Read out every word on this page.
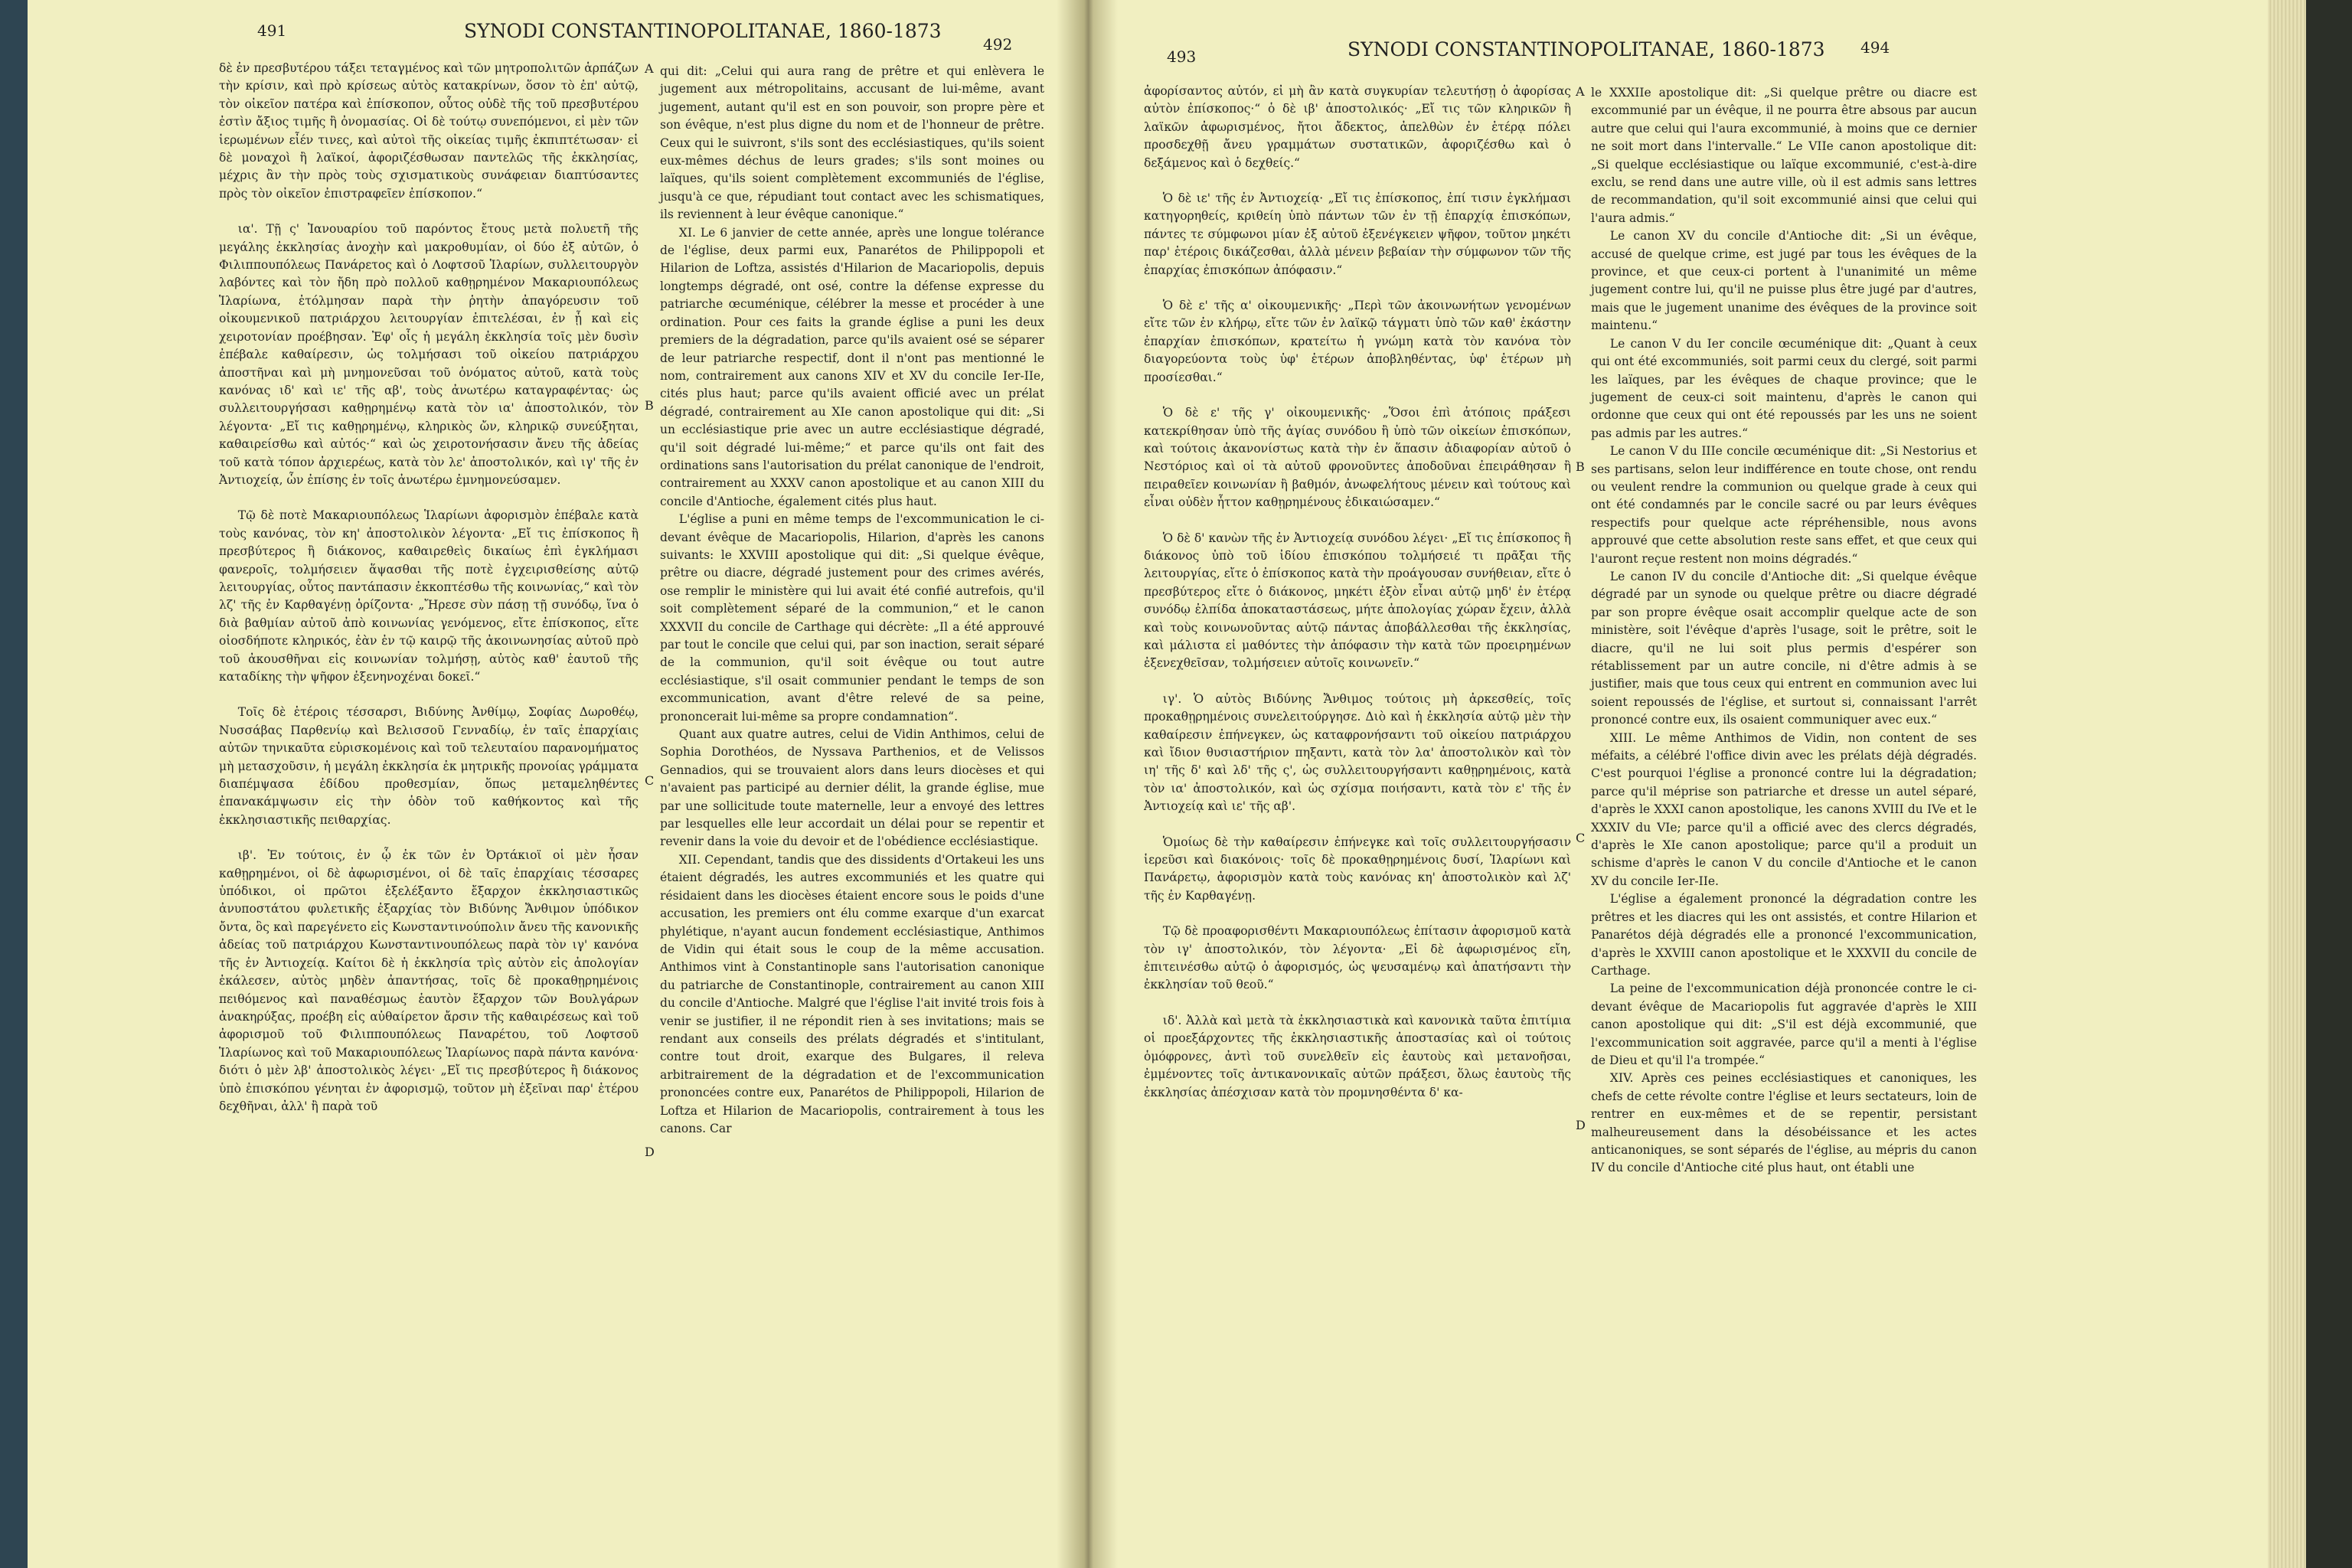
491	SYNODI CONSTANTINOPOLITANAE, 1860-1873
492

δὲ ἐν πρεσβυτέρου τάξει τεταγμένος καὶ τῶν μητροπολιτῶν ἁρπάζων τὴν κρίσιν, καὶ πρὸ κρίσεως αὐτὸς κατακρίνων, ὅσον τὸ ἐπ' αὐτῷ, τὸν οἰκεῖον πατέρα καὶ ἐπίσκοπον, οὗτος οὐδὲ τῆς τοῦ πρεσβυτέρου ἐστὶν ἄξιος τιμῆς ἢ ὀνομασίας. Οἱ δὲ τούτῳ συνεπόμενοι, εἰ μὲν τῶν ἱερωμένων εἶέν τινες, καὶ αὐτοὶ τῆς οἰκείας τιμῆς ἐκπιπτέτωσαν· εἰ δὲ μοναχοὶ ἢ λαϊκοί, ἀφοριζέσθωσαν παντελῶς τῆς ἐκκλησίας, μέχρις ἂν τὴν πρὸς τοὺς σχισματικοὺς συνάφειαν διαπτύσαντες πρὸς τὸν οἰκεῖον ἐπιστραφεῖεν ἐπίσκοπον.“

ια'. Τῇ ς' Ἰανουαρίου τοῦ παρόντος ἔτους μετὰ πολυετῆ τῆς μεγάλης ἐκκλησίας ἀνοχὴν καὶ μακροθυμίαν, οἱ δύο ἐξ αὐτῶν, ὁ Φιλιππουπόλεως Πανάρετος καὶ ὁ Λοφτσοῦ Ἱλαρίων, συλλειτουργὸν λαβόντες καὶ τὸν ἤδη πρὸ πολλοῦ καθῃρημένον Μακαριουπόλεως Ἱλαρίωνα, ἐτόλμησαν παρὰ τὴν ῥητὴν ἀπαγόρευσιν τοῦ οἰκουμενικοῦ πατριάρχου λειτουργίαν ἐπιτελέσαι, ἐν ᾗ καὶ εἰς χειροτονίαν προέβησαν. Ἐφ' οἷς ἡ μεγάλη ἐκκλησία τοῖς μὲν δυσὶν ἐπέβαλε καθαίρεσιν, ὡς τολμήσασι τοῦ οἰκείου πατριάρχου ἀποστῆναι καὶ μὴ μνημονεῦσαι τοῦ ὀνόματος αὐτοῦ, κατὰ τοὺς κανόνας ιδ' καὶ ιε' τῆς αβ', τοὺς ἀνωτέρω καταγραφέντας· ὡς συλλειτουργήσασι καθῃρημένῳ κατὰ τὸν ια' ἀποστολικόν, τὸν λέγοντα· „Εἴ τις καθῃρημένῳ, κληρικὸς ὤν, κληρικῷ συνεύξηται, καθαιρείσθω καὶ αὐτός·“ καὶ ὡς χειροτονήσασιν ἄνευ τῆς ἀδείας τοῦ κατὰ τόπον ἀρχιερέως, κατὰ τὸν λε' ἀποστολικόν, καὶ ιγ' τῆς ἐν Ἀντιοχείᾳ, ὧν ἐπίσης ἐν τοῖς ἀνωτέρω ἐμνημονεύσαμεν.

Τῷ δὲ ποτὲ Μακαριουπόλεως Ἱλαρίωνι ἀφορισμὸν ἐπέβαλε κατὰ τοὺς κανόνας, τὸν κη' ἀποστολικὸν λέγοντα· „Εἴ τις ἐπίσκοπος ἢ πρεσβύτερος ἢ διάκονος, καθαιρεθεὶς δικαίως ἐπὶ ἐγκλήμασι φανεροῖς, τολμήσειεν ἅψασθαι τῆς ποτὲ ἐγχειρισθείσης αὐτῷ λειτουργίας, οὗτος παντάπασιν ἐκκοπτέσθω τῆς κοινωνίας,“ καὶ τὸν λζ' τῆς ἐν Καρθαγένῃ ὁρίζοντα· „Ἤρεσε σὺν πάσῃ τῇ συνόδῳ, ἵνα ὁ διὰ βαθμίαν αὐτοῦ ἀπὸ κοινωνίας γενόμενος, εἴτε ἐπίσκοπος, εἴτε οἱοσδήποτε κληρικός, ἐὰν ἐν τῷ καιρῷ τῆς ἀκοινωνησίας αὐτοῦ πρὸ τοῦ ἀκουσθῆναι εἰς κοινωνίαν τολμήσῃ, αὐτὸς καθ' ἑαυτοῦ τῆς καταδίκης τὴν ψῆφον ἐξενηνοχέναι δοκεῖ.“

Τοῖς δὲ ἑτέροις τέσσαρσι, Βιδύνης Ἀνθίμῳ, Σοφίας Δωροθέῳ, Νυσσάβας Παρθενίῳ καὶ Βελισσοῦ Γενναδίῳ, ἐν ταῖς ἐπαρχίαις αὐτῶν τηνικαῦτα εὑρισκομένοις καὶ τοῦ τελευταίου παρανομήματος μὴ μετασχοῦσιν, ἡ μεγάλη ἐκκλησία ἐκ μητρικῆς προνοίας γράμματα διαπέμψασα ἐδίδου προθεσμίαν, ὅπως μεταμεληθέντες ἐπανακάμψωσιν εἰς τὴν ὁδὸν τοῦ καθήκοντος καὶ τῆς ἐκκλησιαστικῆς πειθαρχίας.

ιβ'. Ἐν τούτοις, ἐν ᾧ ἐκ τῶν ἐν Ὀρτάκιοϊ οἱ μὲν ἦσαν καθῃρημένοι, οἱ δὲ ἀφωρισμένοι, οἱ δὲ ταῖς ἐπαρχίαις τέσσαρες ὑπόδικοι, οἱ πρῶτοι ἐξελέξαντο ἔξαρχον ἐκκλησιαστικῶς ἀνυποστάτου φυλετικῆς ἐξαρχίας τὸν Βιδύνης Ἄνθιμον ὑπόδικον ὄντα, ὃς καὶ παρεγένετο εἰς Κωνσταντινούπολιν ἄνευ τῆς κανονικῆς ἀδείας τοῦ πατριάρχου Κωνσταντινουπόλεως παρὰ τὸν ιγ' κανόνα τῆς ἐν Ἀντιοχείᾳ. Καίτοι δὲ ἡ ἐκκλησία τρὶς αὐτὸν εἰς ἀπολογίαν ἐκάλεσεν, αὐτὸς μηδὲν ἀπαντήσας, τοῖς δὲ προκαθῃρημένοις πειθόμενος καὶ παναθέσμως ἑαυτὸν ἔξαρχον τῶν Βουλγάρων ἀνακηρύξας, προέβη εἰς αὐθαίρετον ἄρσιν τῆς καθαιρέσεως καὶ τοῦ ἀφορισμοῦ τοῦ Φιλιππουπόλεως Παναρέτου, τοῦ Λοφτσοῦ Ἱλαρίωνος καὶ τοῦ Μακαριουπόλεως Ἱλαρίωνος παρὰ πάντα κανόνα· διότι ὁ μὲν λβ' ἀποστολικὸς λέγει· „Εἴ τις πρεσβύτερος ἢ διάκονος ὑπὸ ἐπισκόπου γένηται ἐν ἀφορισμῷ, τοῦτον μὴ ἐξεῖναι παρ' ἑτέρου δεχθῆναι, ἀλλ' ἢ παρὰ τοῦ

A
B
C
D

qui dit: „Celui qui aura rang de prêtre et qui enlèvera le jugement aux métropolitains, accusant de lui-même, avant jugement, autant qu'il est en son pouvoir, son propre père et son évêque, n'est plus digne du nom et de l'honneur de prêtre. Ceux qui le suivront, s'ils sont des ecclésiastiques, qu'ils soient eux-mêmes déchus de leurs grades; s'ils sont moines ou laïques, qu'ils soient complètement excommuniés de l'église, jusqu'à ce que, répudiant tout contact avec les schismatiques, ils reviennent à leur évêque canonique.“

XI. Le 6 janvier de cette année, après une longue tolérance de l'église, deux parmi eux, Panarétos de Philippopoli et Hilarion de Loftza, assistés d'Hilarion de Macariopolis, depuis longtemps dégradé, ont osé, contre la défense expresse du patriarche œcuménique, célébrer la messe et procéder à une ordination. Pour ces faits la grande église a puni les deux premiers de la dégradation, parce qu'ils avaient osé se séparer de leur patriarche respectif, dont il n'ont pas mentionné le nom, contrairement aux canons XIV et XV du concile Ier-IIe, cités plus haut; parce qu'ils avaient officié avec un prélat dégradé, contrairement au XIe canon apostolique qui dit: „Si un ecclésiastique prie avec un autre ecclésiastique dégradé, qu'il soit dégradé lui-même;“ et parce qu'ils ont fait des ordinations sans l'autorisation du prélat canonique de l'endroit, contrairement au XXXV canon apostolique et au canon XIII du concile d'Antioche, également cités plus haut.

L'église a puni en même temps de l'excommunication le ci-devant évêque de Macariopolis, Hilarion, d'après les canons suivants: le XXVIII apostolique qui dit: „Si quelque évêque, prêtre ou diacre, dégradé justement pour des crimes avérés, ose remplir le ministère qui lui avait été confié autrefois, qu'il soit complètement séparé de la communion,“ et le canon XXXVII du concile de Carthage qui décrète: „Il a été approuvé par tout le concile que celui qui, par son inaction, serait séparé de la communion, qu'il soit évêque ou tout autre ecclésiastique, s'il osait communier pendant le temps de son excommunication, avant d'être relevé de sa peine, prononcerait lui-même sa propre condamnation“.

Quant aux quatre autres, celui de Vidin Anthimos, celui de Sophia Dorothéos, de Nyssava Parthenios, et de Velissos Gennadios, qui se trouvaient alors dans leurs diocèses et qui n'avaient pas participé au dernier délit, la grande église, mue par une sollicitude toute maternelle, leur a envoyé des lettres par lesquelles elle leur accordait un délai pour se repentir et revenir dans la voie du devoir et de l'obédience ecclésiastique.

XII. Cependant, tandis que des dissidents d'Ortakeui les uns étaient dégradés, les autres excommuniés et les quatre qui résidaient dans les diocèses étaient encore sous le poids d'une accusation, les premiers ont élu comme exarque d'un exarcat phylétique, n'ayant aucun fondement ecclésiastique, Anthimos de Vidin qui était sous le coup de la même accusation. Anthimos vint à Constantinople sans l'autorisation canonique du patriarche de Constantinople, contrairement au canon XIII du concile d'Antioche. Malgré que l'église l'ait invité trois fois à venir se justifier, il ne répondit rien à ses invitations; mais se rendant aux conseils des prélats dégradés et s'intitulant, contre tout droit, exarque des Bulgares, il releva arbitrairement de la dégradation et de l'excommunication prononcées contre eux, Panarétos de Philippopoli, Hilarion de Loftza et Hilarion de Macariopolis, contrairement à tous les canons. Car

493	SYNODI CONSTANTINOPOLITANAE, 1860-1873 494

ἀφορίσαντος αὐτόν, εἰ μὴ ἂν κατὰ συγκυρίαν τελευτήσῃ ὁ ἀφορίσας αὐτὸν ἐπίσκοπος·“ ὁ δὲ ιβ' ἀποστολικός· „Εἴ τις τῶν κληρικῶν ἢ λαϊκῶν ἀφωρισμένος, ἤτοι ἄδεκτος, ἀπελθὼν ἐν ἑτέρᾳ πόλει προσδεχθῇ ἄνευ γραμμάτων συστατικῶν, ἀφοριζέσθω καὶ ὁ δεξάμενος καὶ ὁ δεχθείς.“

Ὁ δὲ ιε' τῆς ἐν Ἀντιοχείᾳ· „Εἴ τις ἐπίσκοπος, ἐπί τισιν ἐγκλήμασι κατηγορηθείς, κριθείη ὑπὸ πάντων τῶν ἐν τῇ ἐπαρχίᾳ ἐπισκόπων, πάντες τε σύμφωνοι μίαν ἐξ αὐτοῦ ἐξενέγκειεν ψῆφον, τοῦτον μηκέτι παρ' ἑτέροις δικάζεσθαι, ἀλλὰ μένειν βεβαίαν τὴν σύμφωνον τῶν τῆς ἐπαρχίας ἐπισκόπων ἀπόφασιν.“

Ὁ δὲ ε' τῆς α' οἰκουμενικῆς· „Περὶ τῶν ἀκοινωνήτων γενομένων εἴτε τῶν ἐν κλήρῳ, εἴτε τῶν ἐν λαϊκῷ τάγματι ὑπὸ τῶν καθ' ἑκάστην ἐπαρχίαν ἐπισκόπων, κρατείτω ἡ γνώμη κατὰ τὸν κανόνα τὸν διαγορεύοντα τοὺς ὑφ' ἑτέρων ἀποβληθέντας, ὑφ' ἑτέρων μὴ προσίεσθαι.“

Ὁ δὲ ε' τῆς γ' οἰκουμενικῆς· „Ὅσοι ἐπὶ ἀτόποις πράξεσι κατεκρίθησαν ὑπὸ τῆς ἁγίας συνόδου ἢ ὑπὸ τῶν οἰκείων ἐπισκόπων, καὶ τούτοις ἀκανονίστως κατὰ τὴν ἐν ἅπασιν ἀδιαφορίαν αὐτοῦ ὁ Νεστόριος καὶ οἱ τὰ αὐτοῦ φρονοῦντες ἀποδοῦναι ἐπειράθησαν ἢ πειραθεῖεν κοινωνίαν ἢ βαθμόν, ἀνωφελήτους μένειν καὶ τούτους καὶ εἶναι οὐδὲν ἧττον καθῃρημένους ἐδικαιώσαμεν.“

Ὁ δὲ δ' κανὼν τῆς ἐν Ἀντιοχείᾳ συνόδου λέγει· „Εἴ τις ἐπίσκοπος ἢ διάκονος ὑπὸ τοῦ ἰδίου ἐπισκόπου τολμήσειέ τι πρᾶξαι τῆς λειτουργίας, εἴτε ὁ ἐπίσκοπος κατὰ τὴν προάγουσαν συνήθειαν, εἴτε ὁ πρεσβύτερος εἴτε ὁ διάκονος, μηκέτι ἐξὸν εἶναι αὐτῷ μηδ' ἐν ἑτέρᾳ συνόδῳ ἐλπίδα ἀποκαταστάσεως, μήτε ἀπολογίας χώραν ἔχειν, ἀλλὰ καὶ τοὺς κοινωνοῦντας αὐτῷ πάντας ἀποβάλλεσθαι τῆς ἐκκλησίας, καὶ μάλιστα εἰ μαθόντες τὴν ἀπόφασιν τὴν κατὰ τῶν προειρημένων ἐξενεχθεῖσαν, τολμήσειεν αὐτοῖς κοινωνεῖν.“

ιγ'. Ὁ αὐτὸς Βιδύνης Ἄνθιμος τούτοις μὴ ἀρκεσθείς, τοῖς προκαθῃρημένοις συνελειτούργησε. Διὸ καὶ ἡ ἐκκλησία αὐτῷ μὲν τὴν καθαίρεσιν ἐπήνεγκεν, ὡς καταφρονήσαντι τοῦ οἰκείου πατριάρχου καὶ ἴδιον θυσιαστήριον πηξαντι, κατὰ τὸν λα' ἀποστολικὸν καὶ τὸν ιη' τῆς δ' καὶ λδ' τῆς ς', ὡς συλλειτουργήσαντι καθῃρημένοις, κατὰ τὸν ια' ἀποστολικόν, καὶ ὡς σχίσμα ποιήσαντι, κατὰ τὸν ε' τῆς ἐν Ἀντιοχείᾳ καὶ ιε' τῆς αβ'.

Ὁμοίως δὲ τὴν καθαίρεσιν ἐπήνεγκε καὶ τοῖς συλλειτουργήσασιν ἱερεῦσι καὶ διακόνοις· τοῖς δὲ προκαθῃρημένοις δυσί, Ἱλαρίωνι καὶ Πανάρετῳ, ἀφορισμὸν κατὰ τοὺς κανόνας κη' ἀποστολικὸν καὶ λζ' τῆς ἐν Καρθαγένῃ.

Τῷ δὲ προαφορισθέντι Μακαριουπόλεως ἐπίτασιν ἀφορισμοῦ κατὰ τὸν ιγ' ἀποστολικόν, τὸν λέγοντα· „Εἰ δὲ ἀφωρισμένος εἴη, ἐπιτεινέσθω αὐτῷ ὁ ἀφορισμός, ὡς ψευσαμένῳ καὶ ἀπατήσαντι τὴν ἐκκλησίαν τοῦ θεοῦ.“

ιδ'. Ἀλλὰ καὶ μετὰ τὰ ἐκκλησιαστικὰ καὶ κανονικὰ ταῦτα ἐπιτίμια οἱ προεξάρχοντες τῆς ἐκκλησιαστικῆς ἀποστασίας καὶ οἱ τούτοις ὁμόφρονες, ἀντὶ τοῦ συνελθεῖν εἰς ἑαυτοὺς καὶ μετανοῆσαι, ἐμμένοντες τοῖς ἀντικανονικαῖς αὐτῶν πράξεσι, ὅλως ἑαυτοὺς τῆς ἐκκλησίας ἀπέσχισαν κατὰ τὸν προμνησθέντα δ' κα-

A
B
C
D

le XXXIIe apostolique dit: „Si quelque prêtre ou diacre est excommunié par un évêque, il ne pourra être absous par aucun autre que celui qui l'aura excommunié, à moins que ce dernier ne soit mort dans l'intervalle.“ Le VIIe canon apostolique dit: „Si quelque ecclésiastique ou laïque excommunié, c'est-à-dire exclu, se rend dans une autre ville, où il est admis sans lettres de recommandation, qu'il soit excommunié ainsi que celui qui l'aura admis.“

Le canon XV du concile d'Antioche dit: „Si un évêque, accusé de quelque crime, est jugé par tous les évêques de la province, et que ceux-ci portent à l'unanimité un même jugement contre lui, qu'il ne puisse plus être jugé par d'autres, mais que le jugement unanime des évêques de la province soit maintenu.“

Le canon V du Ier concile œcuménique dit: „Quant à ceux qui ont été excommuniés, soit parmi ceux du clergé, soit parmi les laïques, par les évêques de chaque province; que le jugement de ceux-ci soit maintenu, d'après le canon qui ordonne que ceux qui ont été repoussés par les uns ne soient pas admis par les autres.“

Le canon V du IIIe concile œcuménique dit: „Si Nestorius et ses partisans, selon leur indifférence en toute chose, ont rendu ou veulent rendre la communion ou quelque grade à ceux qui ont été condamnés par le concile sacré ou par leurs évêques respectifs pour quelque acte répréhensible, nous avons approuvé que cette absolution reste sans effet, et que ceux qui l'auront reçue restent non moins dégradés.“

Le canon IV du concile d'Antioche dit: „Si quelque évêque dégradé par un synode ou quelque prêtre ou diacre dégradé par son propre évêque osait accomplir quelque acte de son ministère, soit l'évêque d'après l'usage, soit le prêtre, soit le diacre, qu'il ne lui soit plus permis d'espérer son rétablissement par un autre concile, ni d'être admis à se justifier, mais que tous ceux qui entrent en communion avec lui soient repoussés de l'église, et surtout si, connaissant l'arrêt prononcé contre eux, ils osaient communiquer avec eux.“

XIII. Le même Anthimos de Vidin, non content de ses méfaits, a célébré l'office divin avec les prélats déjà dégradés. C'est pourquoi l'église a prononcé contre lui la dégradation; parce qu'il méprise son patriarche et dresse un autel séparé, d'après le XXXI canon apostolique, les canons XVIII du IVe et le XXXIV du VIe; parce qu'il a officié avec des clercs dégradés, d'après le XIe canon apostolique; parce qu'il a produit un schisme d'après le canon V du concile d'Antioche et le canon XV du concile Ier-IIe.

L'église a également prononcé la dégradation contre les prêtres et les diacres qui les ont assistés, et contre Hilarion et Panarétos déjà dégradés elle a prononcé l'excommunication, d'après le XXVIII canon apostolique et le XXXVII du concile de Carthage.

La peine de l'excommunication déjà prononcée contre le ci-devant évêque de Macariopolis fut aggravée d'après le XIII canon apostolique qui dit: „S'il est déjà excommunié, que l'excommunication soit aggravée, parce qu'il a menti à l'église de Dieu et qu'il l'a trompée.“

XIV. Après ces peines ecclésiastiques et canoniques, les chefs de cette révolte contre l'église et leurs sectateurs, loin de rentrer en eux-mêmes et de se repentir, persistant malheureusement dans la désobéissance et les actes anticanoniques, se sont séparés de l'église, au mépris du canon IV du concile d'Antioche cité plus haut, ont établi une
